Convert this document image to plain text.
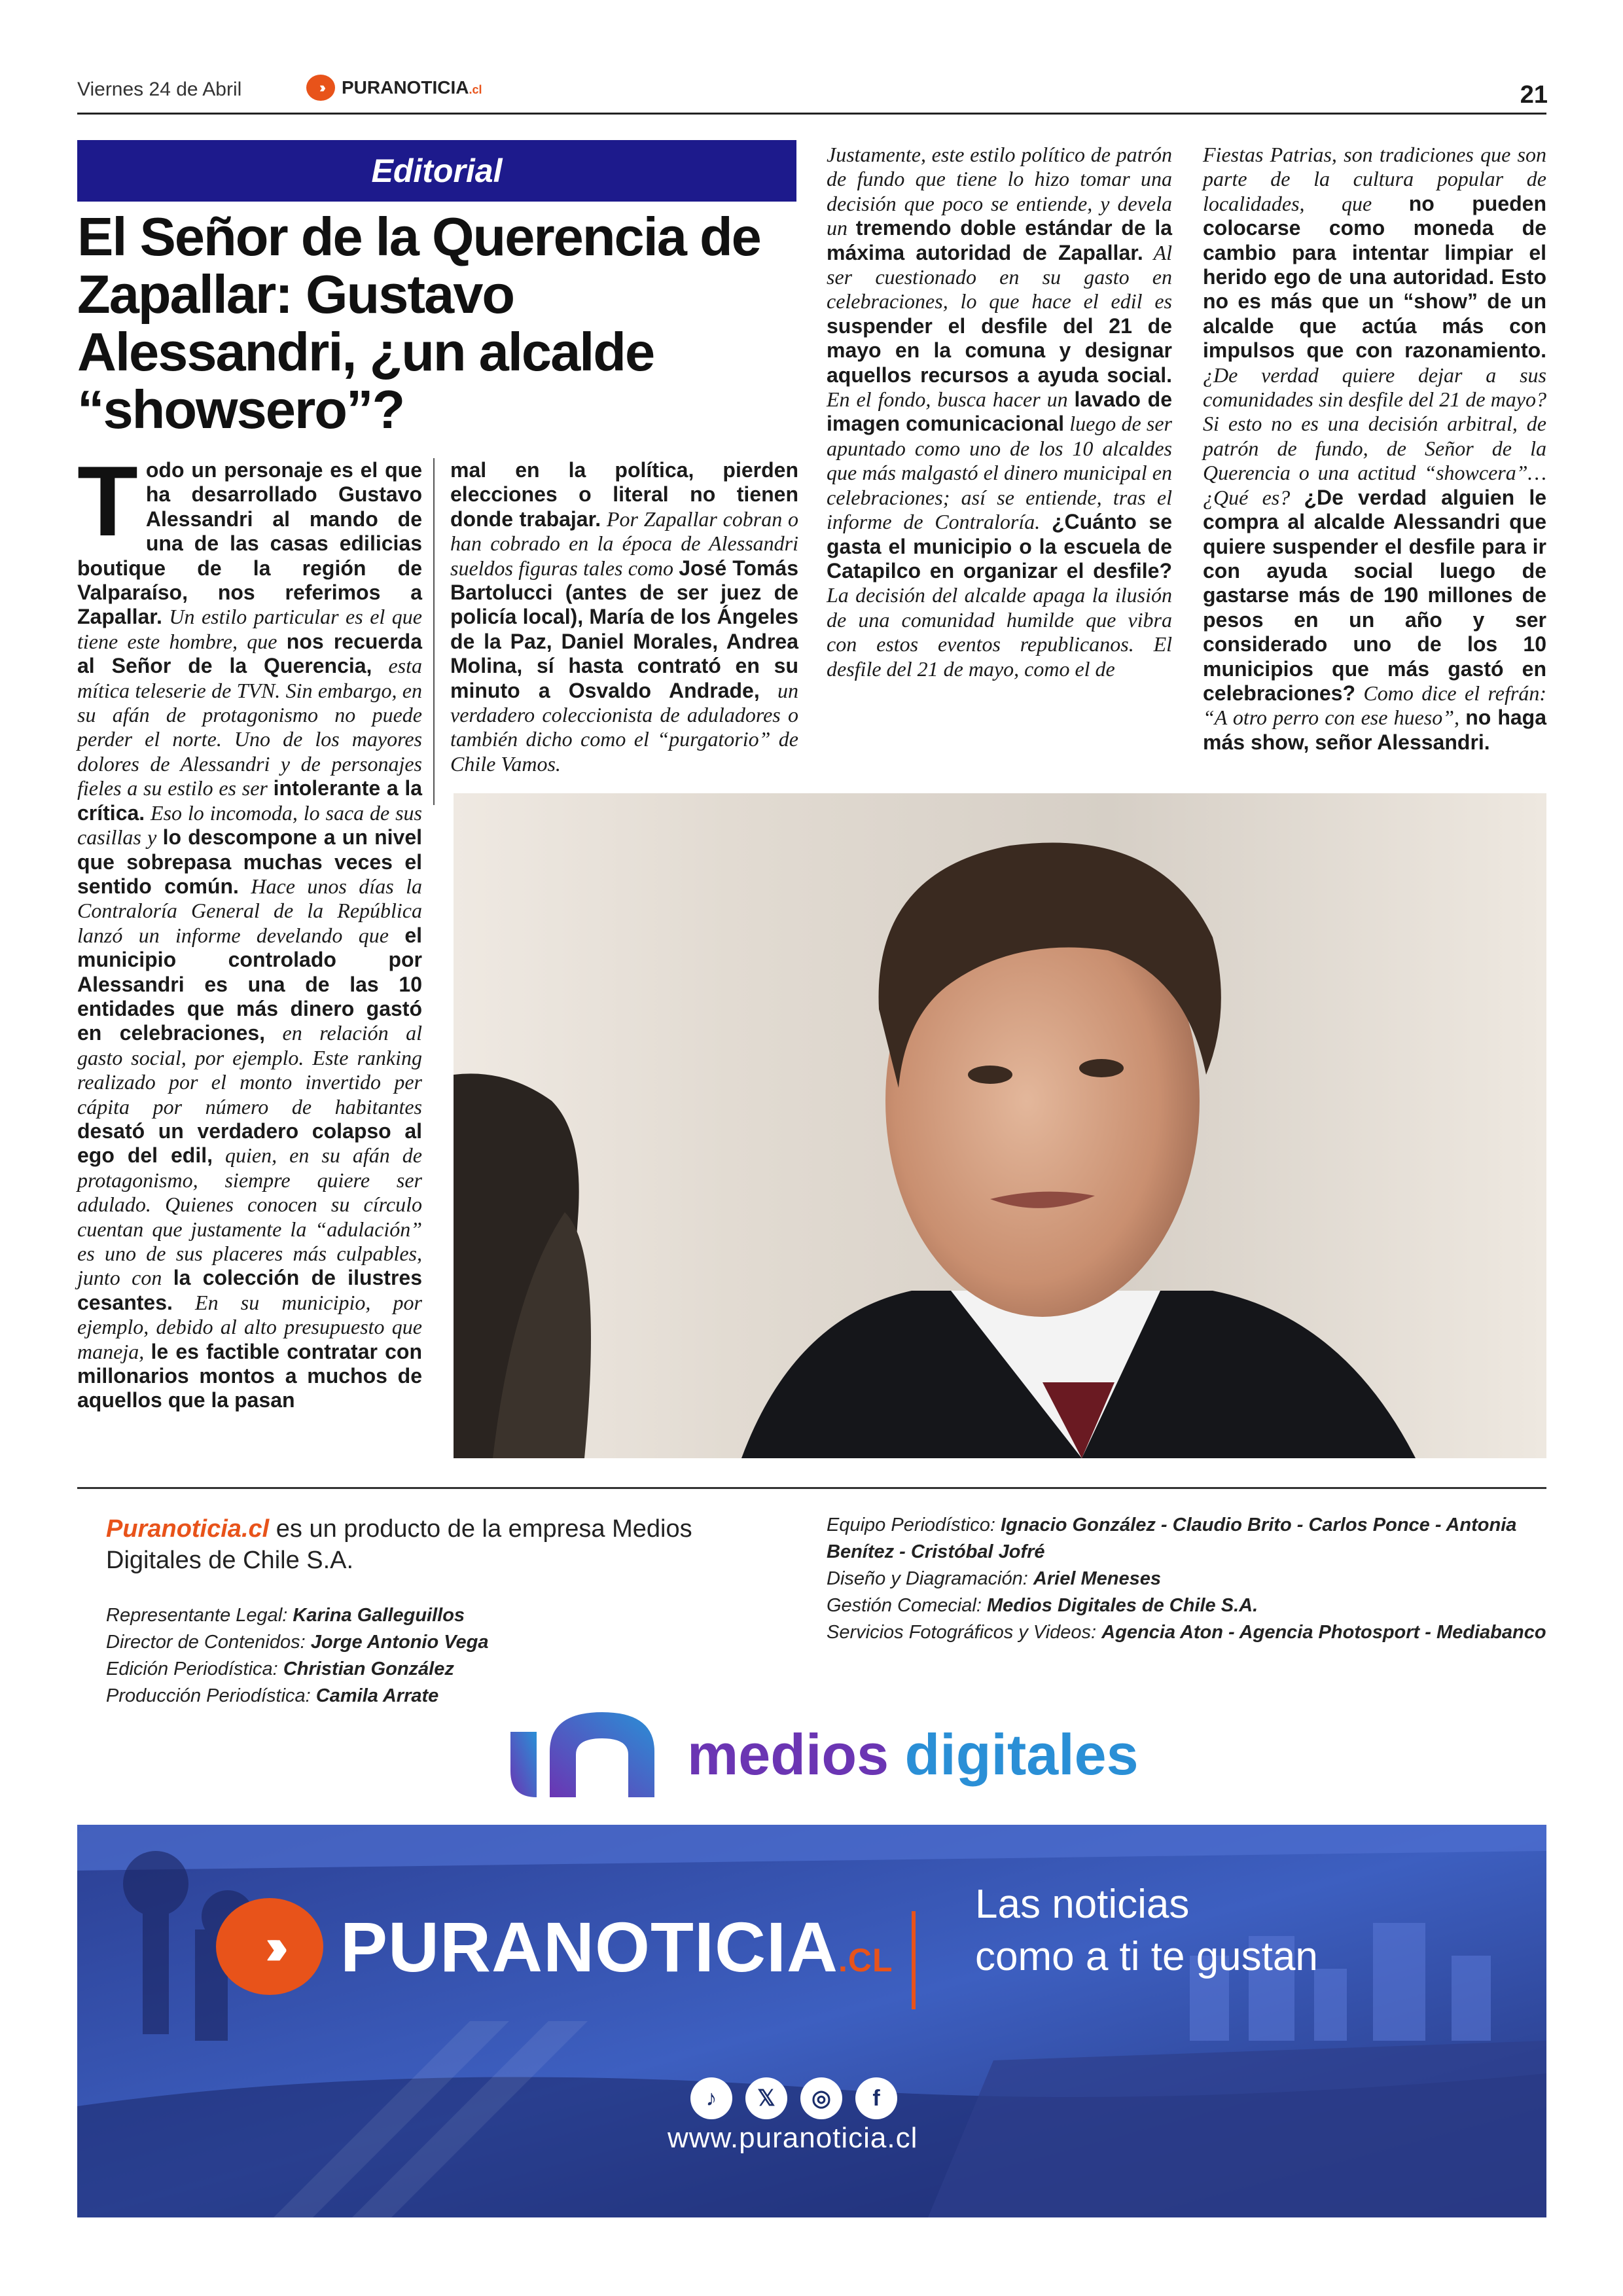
Viernes 24 de Abril	›››	PURANOTICIA.cl	21
Editorial
El Señor de la Querencia de Zapallar: Gustavo Alessandri, ¿un alcalde “showsero”?
Todo un personaje es el que ha desarrollado Gustavo Alessandri al mando de una de las casas edilicias boutique de la región de Valparaíso, nos referimos a Zapallar. Un estilo particular es el que tiene este hombre, que nos recuerda al Señor de la Querencia, esta mítica teleserie de TVN. Sin embargo, en su afán de protagonismo no puede perder el norte. Uno de los mayores dolores de Alessandri y de personajes fieles a su estilo es ser intolerante a la crítica. Eso lo incomoda, lo saca de sus casillas y lo descompone a un nivel que sobrepasa muchas veces el sentido común. Hace unos días la Contraloría General de la República lanzó un informe develando que el municipio controlado por Alessandri es una de las 10 entidades que más dinero gastó en celebraciones, en relación al gasto social, por ejemplo. Este ranking realizado por el monto invertido per cápita por número de habitantes desató un verdadero colapso al ego del edil, quien, en su afán de protagonismo, siempre quiere ser adulado. Quienes conocen su círculo cuentan que justamente la “adulación” es uno de sus placeres más culpables, junto con la colección de ilustres cesantes. En su municipio, por ejemplo, debido al alto presupuesto que maneja, le es factible contratar con millonarios montos a muchos de aquellos que la pasan
mal en la política, pierden elecciones o literal no tienen donde trabajar. Por Zapallar cobran o han cobrado en la época de Alessandri sueldos figuras tales como José Tomás Bartolucci (antes de ser juez de policía local), María de los Ángeles de la Paz, Daniel Morales, Andrea Molina, sí hasta contrató en su minuto a Osvaldo Andrade, un verdadero coleccionista de aduladores o también dicho como el “purgatorio” de Chile Vamos.
Justamente, este estilo político de patrón de fundo que tiene lo hizo tomar una decisión que poco se entiende, y devela un tremendo doble estándar de la máxima autoridad de Zapallar. Al ser cuestionado en su gasto en celebraciones, lo que hace el edil es suspender el desfile del 21 de mayo en la comuna y designar aquellos recursos a ayuda social. En el fondo, busca hacer un lavado de imagen comunicacional luego de ser apuntado como uno de los 10 alcaldes que más malgastó el dinero municipal en celebraciones; así se entiende, tras el informe de Contraloría. ¿Cuánto se gasta el municipio o la escuela de Catapilco en organizar el desfile? La decisión del alcalde apaga la ilusión de una comunidad humilde que vibra con estos eventos republicanos. El desfile del 21 de mayo, como el de
Fiestas Patrias, son tradiciones que son parte de la cultura popular de localidades, que no pueden colocarse como moneda de cambio para intentar limpiar el herido ego de una autoridad. Esto no es más que un “show” de un alcalde que actúa más con impulsos que con razonamiento. ¿De verdad quiere dejar a sus comunidades sin desfile del 21 de mayo? Si esto no es una decisión arbitral, de patrón de fundo, de Señor de la Querencia o una actitud “showcera”… ¿Qué es? ¿De verdad alguien le compra al alcalde Alessandri que quiere suspender el desfile para ir con ayuda social luego de gastarse más de 190 millones de pesos en un año y ser considerado uno de los 10 municipios que más gastó en celebraciones? Como dice el refrán: “A otro perro con ese hueso”, no haga más show, señor Alessandri.
Puranoticia.cl es un producto de la empresa Medios Digitales de Chile S.A.
Representante Legal: Karina Galleguillos
Director de Contenidos: Jorge Antonio Vega
Edición Periodística: Christian González
Producción Periodística: Camila Arrate
Equipo Periodístico: Ignacio González - Claudio Brito - Carlos Ponce - Antonia Benítez - Cristóbal Jofré
Diseño y Diagramación: Ariel Meneses
Gestión Comecial: Medios Digitales de Chile S.A.
Servicios Fotográficos y Videos: Agencia Aton - Agencia Photosport - Mediabanco
medios digitales
››› PURANOTICIA.CL
Las noticias
como a ti te gustan
♪	𝕏	◎	f
www.puranoticia.cl
